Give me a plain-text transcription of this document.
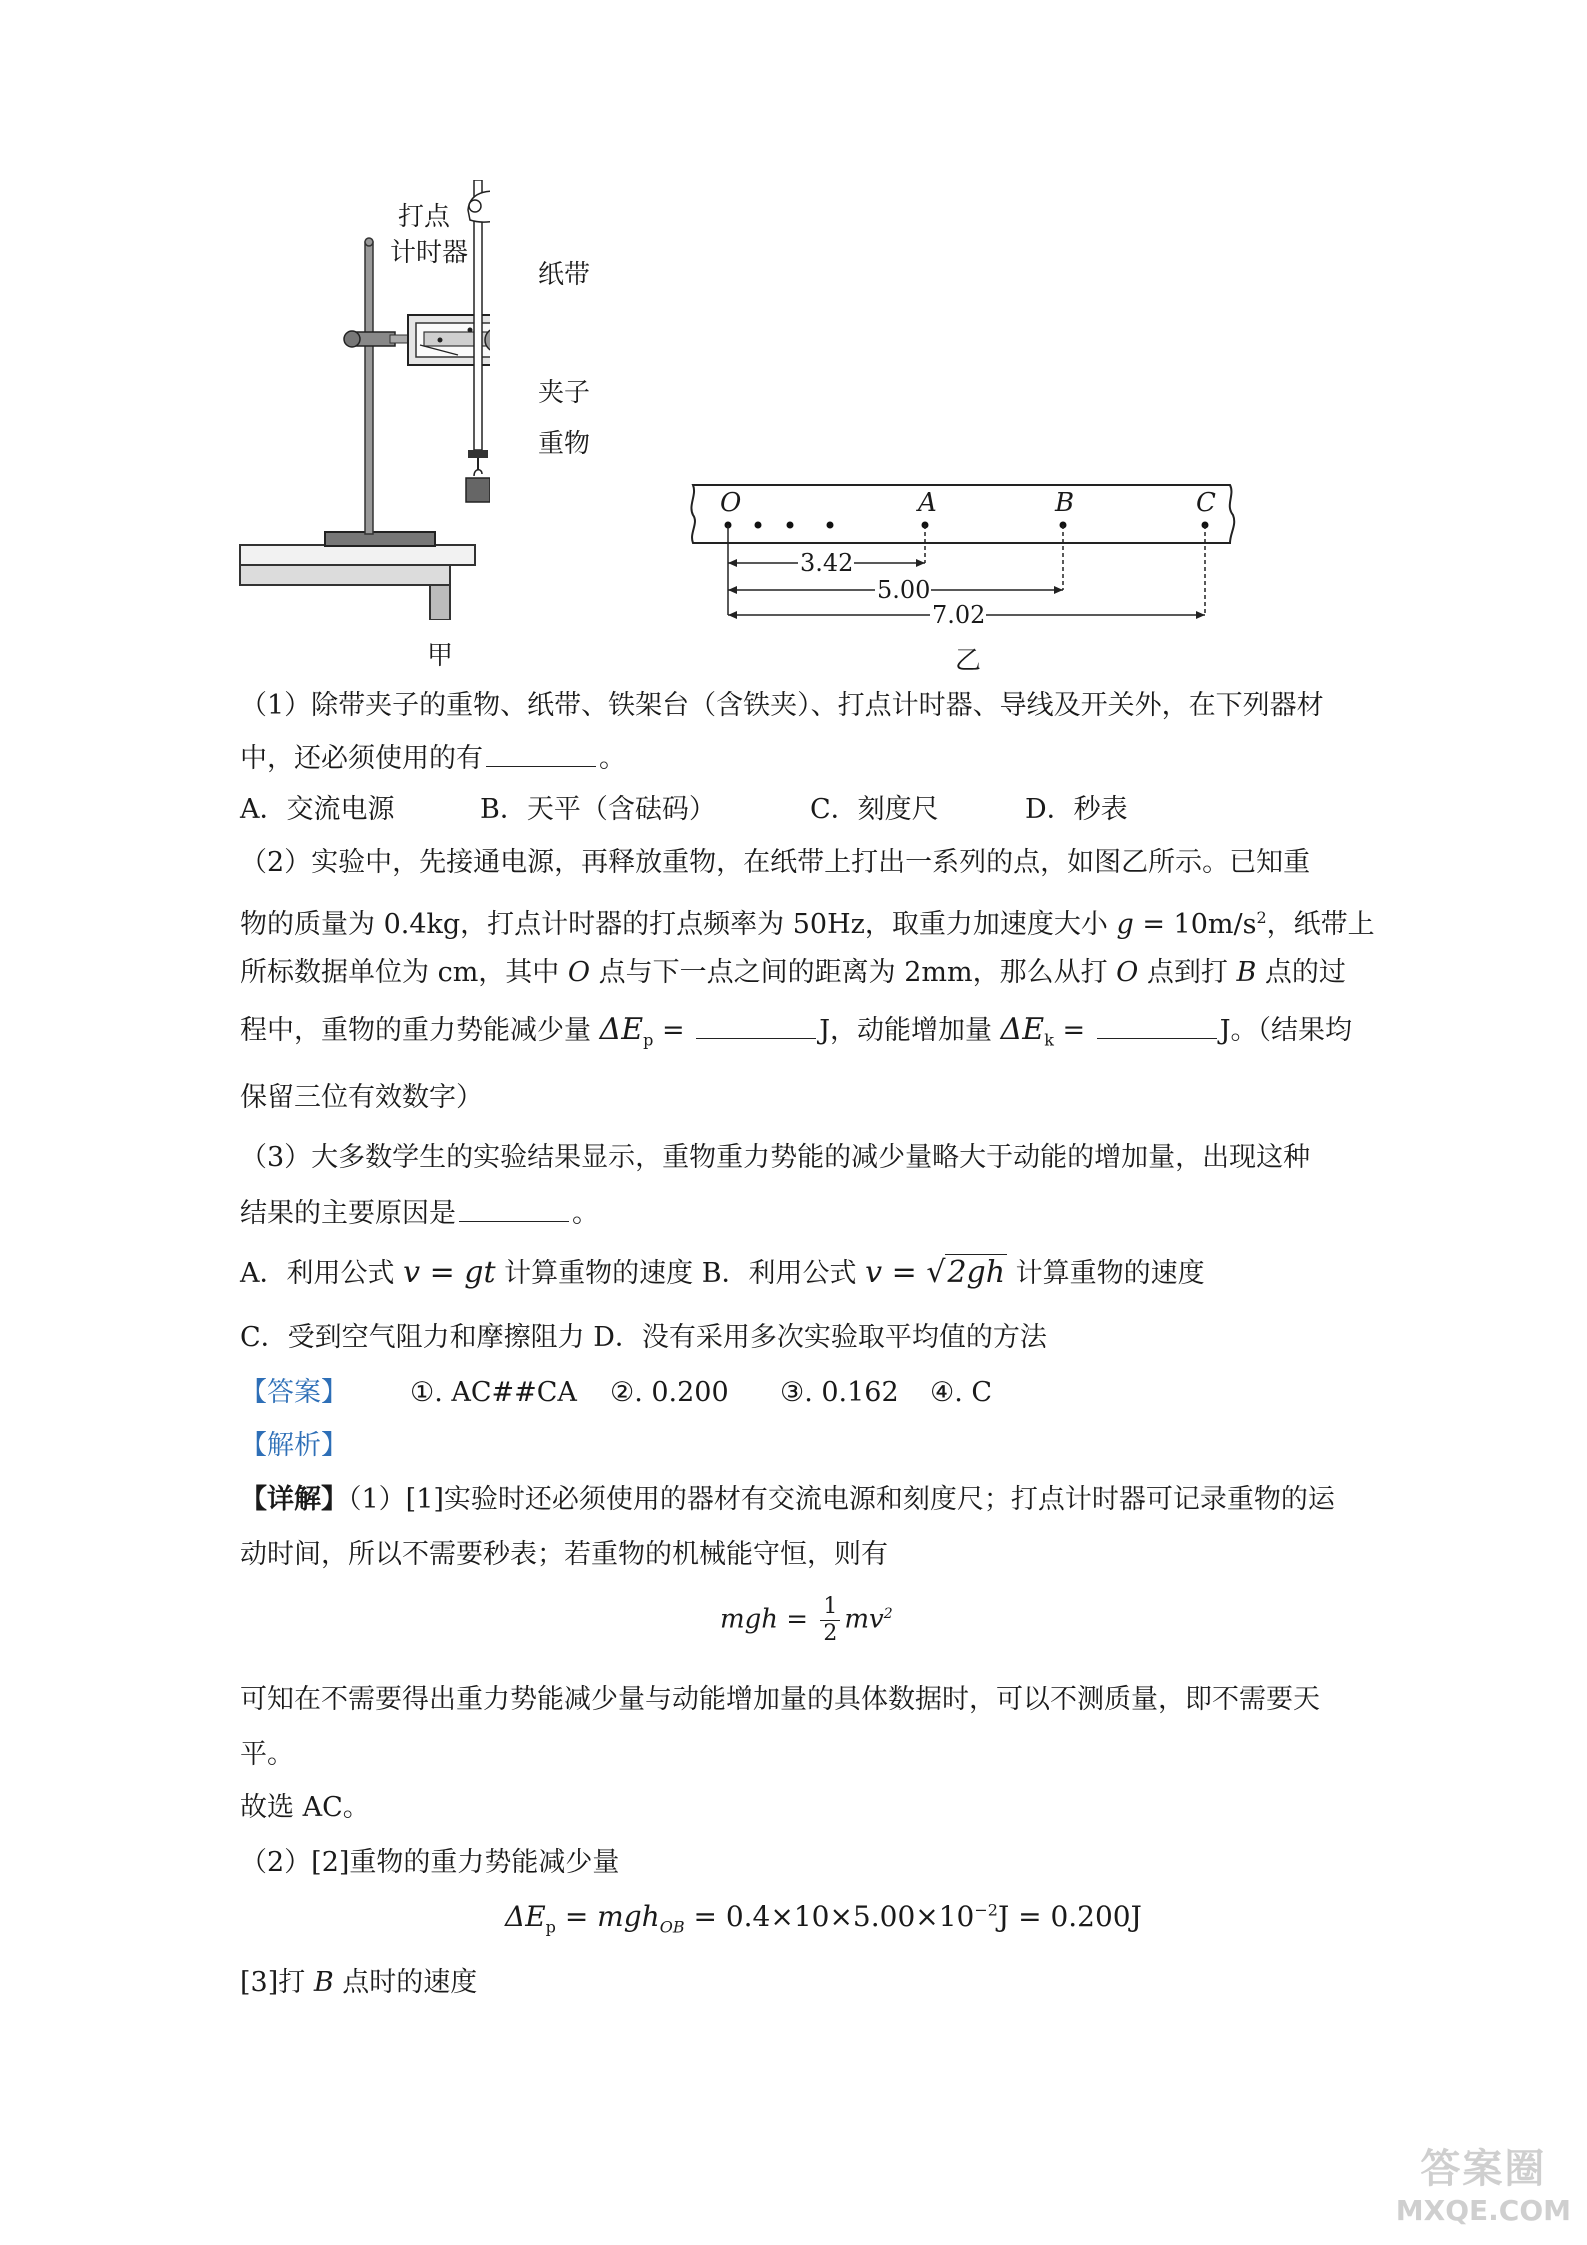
打点
计时器
纸带
夹子
重物
甲
O	A	B	C
3.42
5.00
7.02
乙
（1）除带夹子的重物、纸带、铁架台（含铁夹）、打点计时器、导线及开关外，在下列器材
中，还必须使用的有	。
A．交流电源	B．天平（含砝码）	C．刻度尺	D．秒表
（2）实验中，先接通电源，再释放重物，在纸带上打出一系列的点，如图乙所示。已知重
物的质量为 0.4kg，打点计时器的打点频率为 50Hz，取重力加速度大小 $g = 10m/s^2$，纸带上
所标数据单位为 cm，其中 O 点与下一点之间的距离为 2mm，那么从打 O 点到打 B 点的过
程中，重物的重力势能减少量 $\Delta E_p$ =	J，动能增加量 $\Delta E_k$ =	J。（结果均
保留三位有效数字）
（3）大多数学生的实验结果显示，重物重力势能的减少量略大于动能的增加量，出现这种
结果的主要原因是	。
A．利用公式 v = gt 计算重物的速度 B．利用公式 v = √2gh 计算重物的速度
C．受到空气阻力和摩擦阻力 D．没有采用多次实验取平均值的方法
【答案】 ①. AC##CA ②. 0.200 ③. 0.162 ④. C
【解析】
【详解】（1）[1]实验时还必须使用的器材有交流电源和刻度尺；打点计时器可记录重物的运
动时间，所以不需要秒表；若重物的机械能守恒，则有
mgh = $\frac{1}{2} mv^2$
可知在不需要得出重力势能减少量与动能增加量的具体数据时，可以不测质量，即不需要天
平。
故选 AC。
（2）[2]重物的重力势能减少量
$\Delta E_p = mgh_{OB} = 0.4\times 10\times 5.00\times 10^{-2}J = 0.200J$
[3]打 B 点时的速度
答案圈
MXQE.COM
